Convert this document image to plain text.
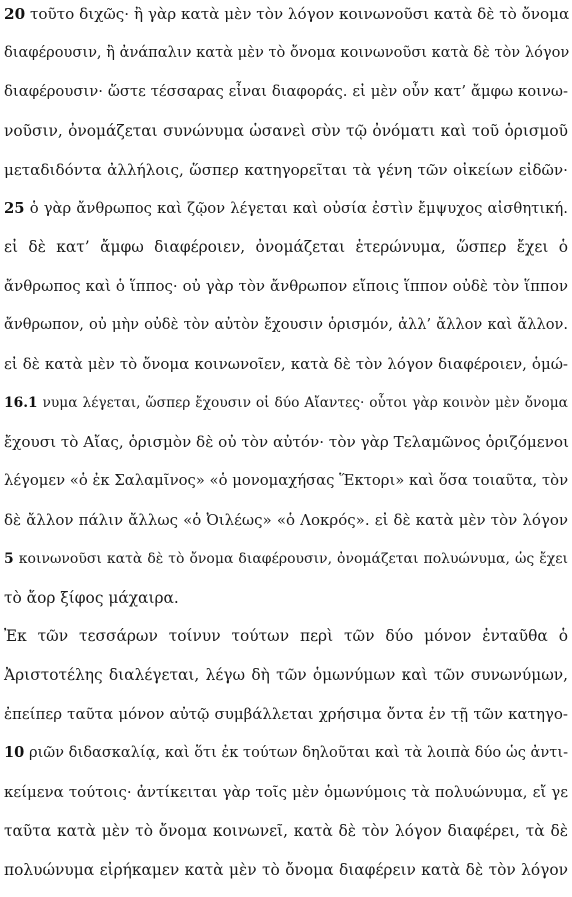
20 τοῦτο διχῶς· ἢ γὰρ κατὰ μὲν τὸν λόγον κοινωνοῦσι κατὰ δὲ τὸ ὄνομα
διαφέρουσιν, ἢ ἀνάπαλιν κατὰ μὲν τὸ ὄνομα κοινωνοῦσι κατὰ δὲ τὸν λόγον
διαφέρουσιν· ὥστε τέσσαρας εἶναι διαφοράς. εἰ μὲν οὖν κατ’ ἄμφω κοινω-
νοῦσιν, ὀνομάζεται συνώνυμα ὡσανεὶ σὺν τῷ ὀνόματι καὶ τοῦ ὁρισμοῦ
μεταδιδόντα ἀλλήλοις, ὥσπερ κατηγορεῖται τὰ γένη τῶν οἰκείων εἰδῶν·
25 ὁ γὰρ ἄνθρωπος καὶ ζῷον λέγεται καὶ οὐσία ἐστὶν ἔμψυχος αἰσθητική.
εἰ δὲ κατ’ ἄμφω διαφέροιεν, ὀνομάζεται ἑτερώνυμα, ὥσπερ ἔχει ὁ
ἄνθρωπος καὶ ὁ ἵππος· οὐ γὰρ τὸν ἄνθρωπον εἴποις ἵππον οὐδὲ τὸν ἵππον
ἄνθρωπον, οὐ μὴν οὐδὲ τὸν αὐτὸν ἔχουσιν ὁρισμόν, ἀλλ’ ἄλλον καὶ ἄλλον.
εἰ δὲ κατὰ μὲν τὸ ὄνομα κοινωνοῖεν, κατὰ δὲ τὸν λόγον διαφέροιεν, ὁμώ-
16.1 νυμα λέγεται, ὥσπερ ἔχουσιν οἱ δύο Αἴαντες· οὗτοι γὰρ κοινὸν μὲν ὄνομα
ἔχουσι τὸ Αἴας, ὁρισμὸν δὲ οὐ τὸν αὐτόν· τὸν γὰρ Τελαμῶνος ὁριζόμενοι
λέγομεν «ὁ ἐκ Σαλαμῖνος» «ὁ μονομαχήσας Ἕκτορι» καὶ ὅσα τοιαῦτα, τὸν
δὲ ἄλλον πάλιν ἄλλως «ὁ Ὀιλέως» «ὁ Λοκρός». εἰ δὲ κατὰ μὲν τὸν λόγον
5 κοινωνοῦσι κατὰ δὲ τὸ ὄνομα διαφέρουσιν, ὀνομάζεται πολυώνυμα, ὡς ἔχει
τὸ ἄορ ξίφος μάχαιρα.
Ἐκ τῶν τεσσάρων τοίνυν τούτων περὶ τῶν δύο μόνον ἐνταῦθα ὁ
Ἀριστοτέλης διαλέγεται, λέγω δὴ τῶν ὁμωνύμων καὶ τῶν συνωνύμων,
ἐπείπερ ταῦτα μόνον αὐτῷ συμβάλλεται χρήσιμα ὄντα ἐν τῇ τῶν κατηγο-
10 ριῶν διδασκαλίᾳ, καὶ ὅτι ἐκ τούτων δηλοῦται καὶ τὰ λοιπὰ δύο ὡς ἀντι-
κείμενα τούτοις· ἀντίκειται γὰρ τοῖς μὲν ὁμωνύμοις τὰ πολυώνυμα, εἴ γε
ταῦτα κατὰ μὲν τὸ ὄνομα κοινωνεῖ, κατὰ δὲ τὸν λόγον διαφέρει, τὰ δὲ
πολυώνυμα εἰρήκαμεν κατὰ μὲν τὸ ὄνομα διαφέρειν κατὰ δὲ τὸν λόγον
